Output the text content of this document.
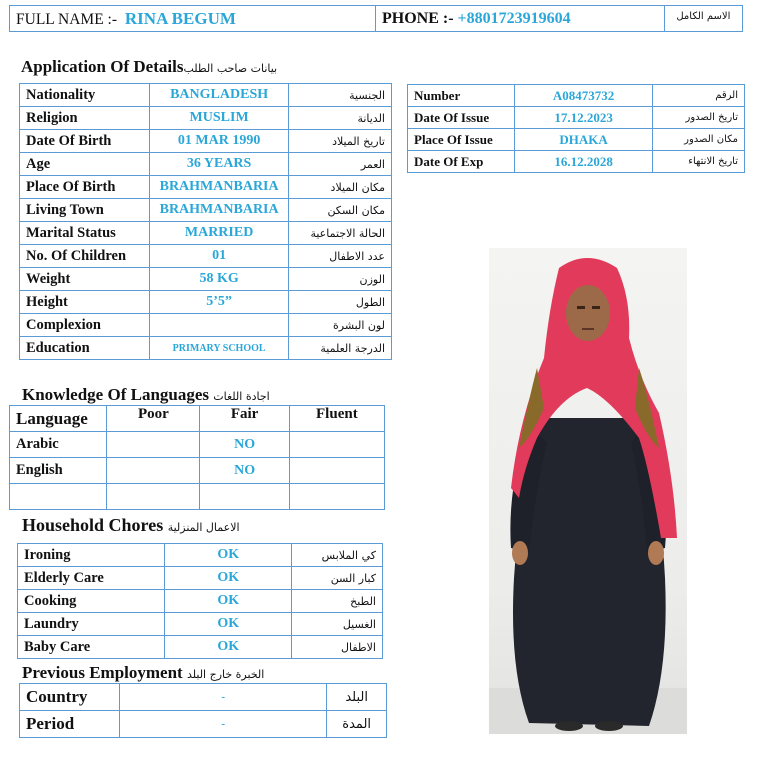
FULL NAME :- RINA BEGUM	PHONE :- +8801723919604	الاسم الكامل
Application Of Detailsبيانات صاحب الطلب
Nationality	BANGLADESH	الجنسية
Religion	MUSLIM	الديانة
Date Of Birth	01 MAR 1990	تاريخ الميلاد
Age	36 YEARS	العمر
Place Of Birth	BRAHMANBARIA	مكان الميلاد
Living Town	BRAHMANBARIA	مكان السكن
Marital Status	MARRIED	الحالة الاجتماعية
No. Of Children	01	عدد الاطفال
Weight	58 KG	الوزن
Height	5’5”	الطول
Complexion		لون البشرة
Education	PRIMARY SCHOOL	الدرجة العلمية
Number	A08473732	الرقم
Date Of Issue	17.12.2023	تاريخ الصدور
Place Of Issue	DHAKA	مكان الصدور
Date Of Exp	16.12.2028	تاريخ الانتهاء
Knowledge Of Languages اجادة اللغات
Language	Poor	Fair	Fluent
Arabic		NO	
English		NO	

Household Chores الاعمال المنزلية
Ironing	OK	كي الملابس
Elderly Care	OK	كبار السن
Cooking	OK	الطبخ
Laundry	OK	الغسيل
Baby Care	OK	الاطفال
Previous Employment الخبرة خارج البلد
Country	-	البلد
Period	-	المدة
